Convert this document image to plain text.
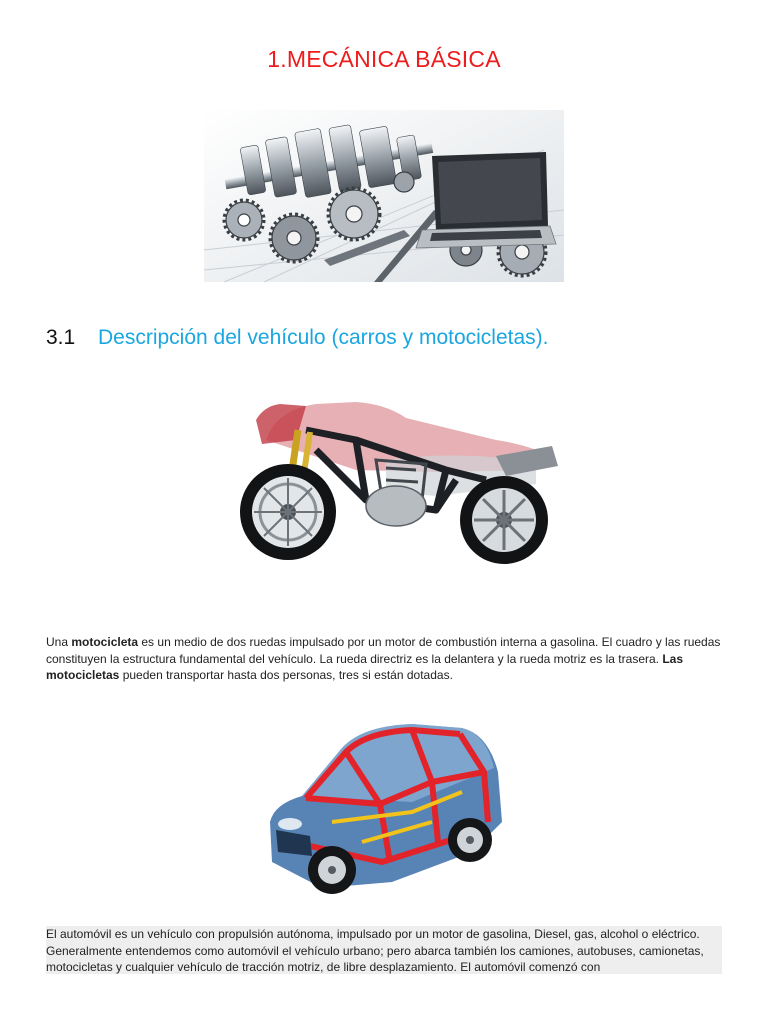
1.MECÁNICA BÁSICA
3.1	Descripción del vehículo (carros y motocicletas).

Una motocicleta es un medio de dos ruedas impulsado por un motor de combustión interna a gasolina. El cuadro y las ruedas constituyen la estructura fundamental del vehículo. La rueda directriz es la delantera y la rueda motriz es la trasera. Las motocicletas pueden transportar hasta dos personas, tres si están dotadas.

El automóvil es un vehículo con propulsión autónoma, impulsado por un motor de gasolina, Diesel, gas, alcohol o eléctrico. Generalmente entendemos como automóvil el vehículo urbano; pero abarca también los camiones, autobuses, camionetas, motocicletas y cualquier vehículo de tracción motriz, de libre desplazamiento. El automóvil comenzó con
